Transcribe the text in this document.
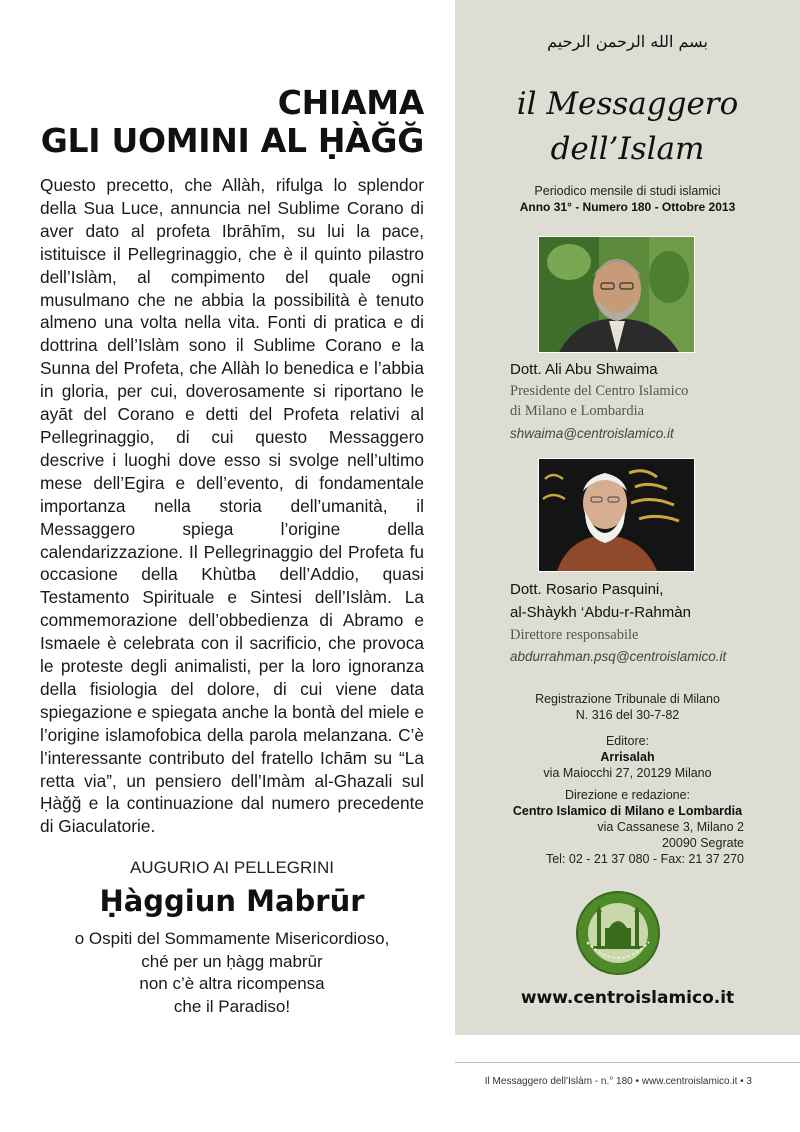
CHIAMA
GLI UOMINI AL ḤÀĞĞ

Questo precetto, che Allàh, rifulga lo splendor della Sua Luce, annuncia nel Sublime Corano di aver dato al profeta Ibrāhīm, su lui la pace, istituisce il Pellegrinaggio, che è il quinto pilastro dell’Islàm, al compimento del quale ogni musulmano che ne abbia la possibilità è tenuto almeno una volta nella vita. Fonti di pratica e di dottrina dell’Islàm sono il Sublime Corano e la Sunna del Profeta, che Allàh lo benedica e l’abbia in gloria, per cui, doverosamente si riportano le ayāt del Corano e detti del Profeta relativi al Pellegrinaggio, di cui questo Messaggero descrive i luoghi dove esso si svolge nell’ultimo mese dell’Egira e dell’evento, di fondamentale importanza nella storia dell’umanità, il Messaggero spiega l’origine della calendarizzazione. Il Pellegrinaggio del Profeta fu occasione della Khùtba dell’Addio, quasi Testamento Spirituale e Sintesi dell’Islàm. La commemorazione dell’obbedienza di Abramo e Ismaele è celebrata con il sacrificio, che provoca le proteste degli animalisti, per la loro ignoranza della fisiologia del dolore, di cui viene data spiegazione e spiegata anche la bontà del miele e l’origine islamofobica della parola melanzana. C’è l’interessante contributo del fratello Ichām su “La retta via”, un pensiero dell’Imàm al-Ghazali sul Ḥàğğ e la continuazione dal numero precedente di Giaculatorie.

AUGURIO AI PELLEGRINI
Ḥàggiun Mabrūr
o Ospiti del Sommamente Misericordioso,
ché per un ḥàgg mabrūr
non c’è altra ricompensa
che il Paradiso!
بسم الله الرحمن الرحيم
il Messaggero
dell’Islam
Periodico mensile di studi islamici
Anno 31° - Numero 180 - Ottobre 2013
Dott. Ali Abu Shwaima
Presidente del Centro Islamico
di Milano e Lombardia
shwaima@centroislamico.it
Dott. Rosario Pasquini,
al-Shàykh ‘Abdu-r-Rahmàn
Direttore responsabile
abdurrahman.psq@centroislamico.it
Registrazione Tribunale di Milano
N. 316 del 30-7-82
Editore:
Arrisalah
via Maiocchi 27, 20129 Milano
Direzione e redazione:
Centro Islamico di Milano e Lombardia
via Cassanese 3, Milano 2
20090 Segrate
Tel: 02 - 21 37 080 - Fax: 21 37 270
www.centroislamico.it
Il Messaggero dell’Islàm - n.° 180 • www.centroislamico.it • 3
